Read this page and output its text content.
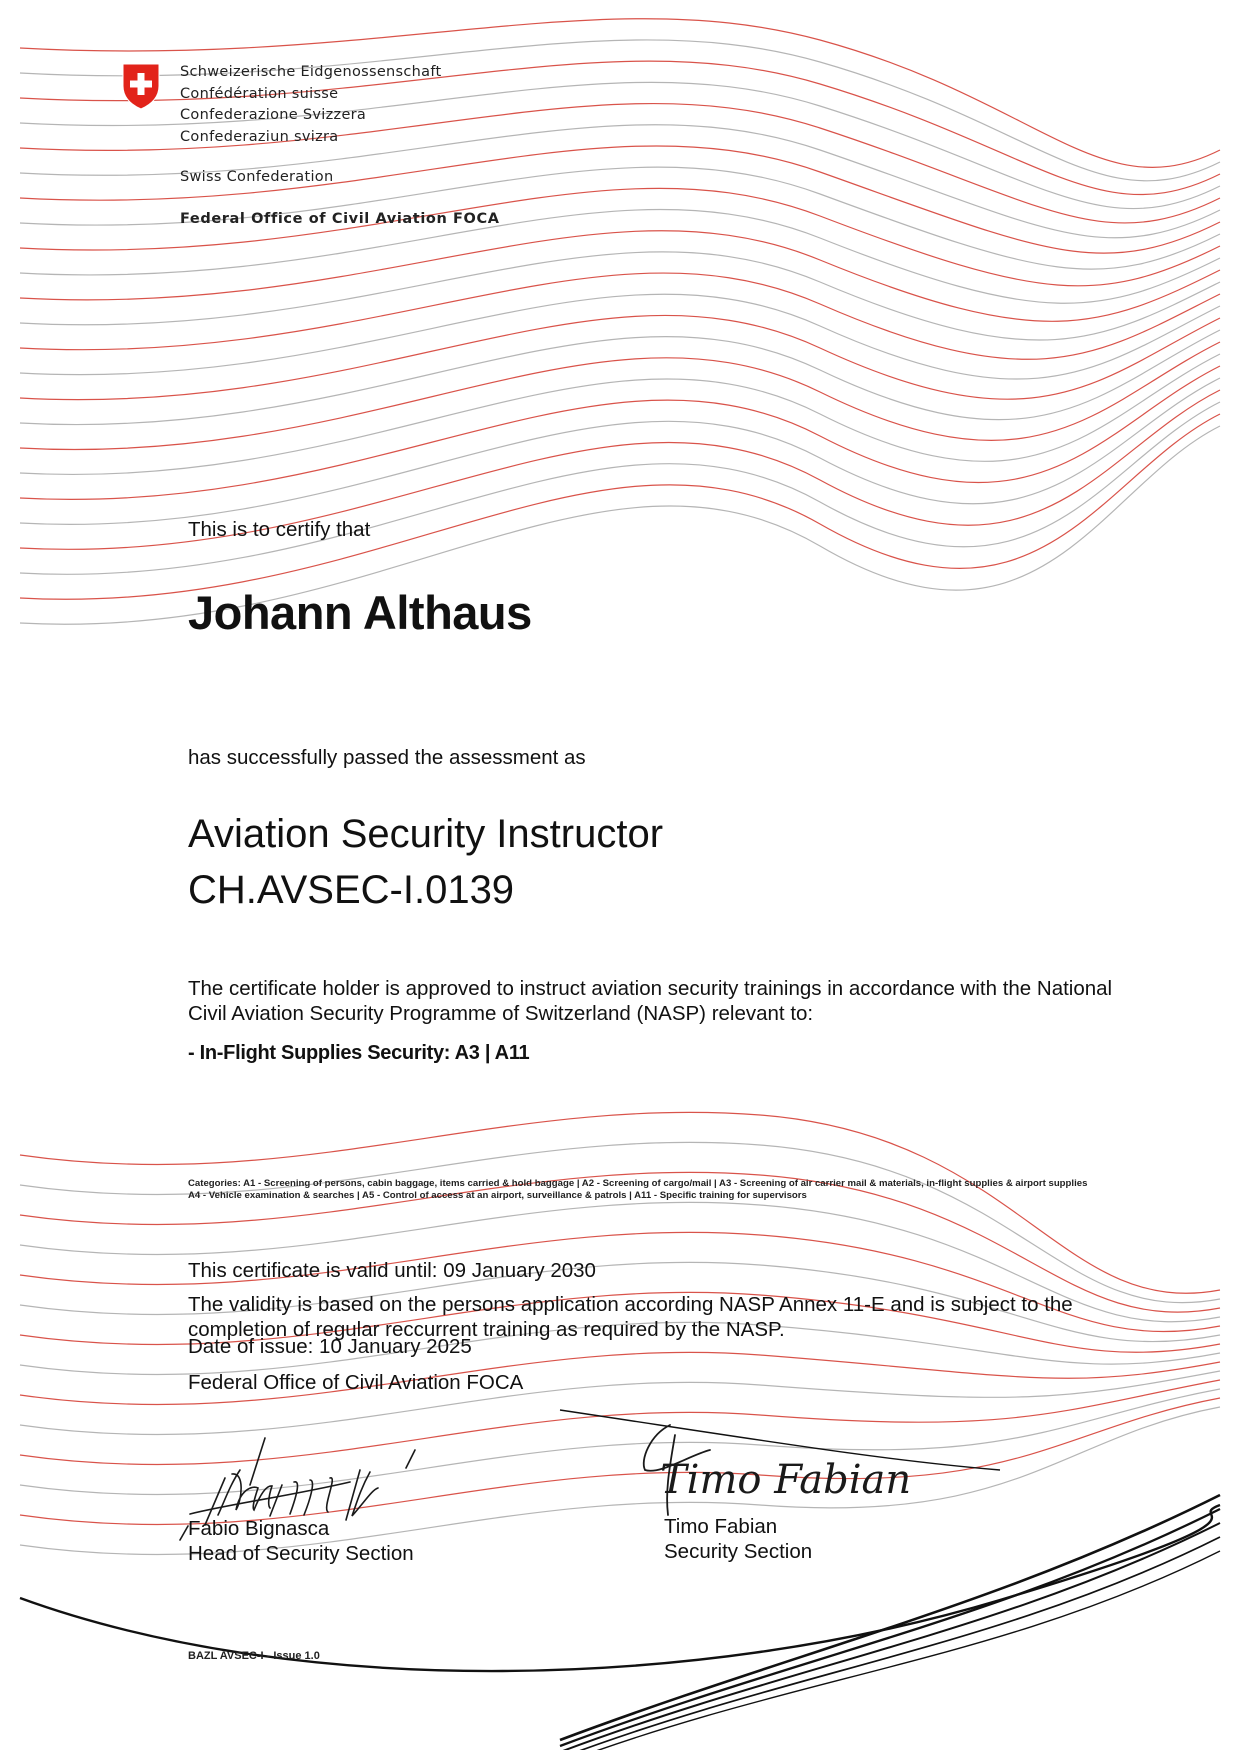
Schweizerische Eidgenossenschaft
Confédération suisse
Confederazione Svizzera
Confederaziun svizra
Swiss Confederation
Federal Office of Civil Aviation FOCA
This is to certify that
Johann Althaus
has successfully passed the assessment as
Aviation Security Instructor
CH.AVSEC-I.0139
The certificate holder is approved to instruct aviation security trainings in accordance with the National Civil Aviation Security Programme of Switzerland (NASP) relevant to:
- In-Flight Supplies Security: A3 | A11
Categories: A1 - Screening of persons, cabin baggage, items carried & hold baggage | A2 - Screening of cargo/mail | A3 - Screening of air carrier mail & materials, in-flight supplies & airport supplies
A4 - Vehicle examination & searches | A5 - Control of access at an airport, surveillance & patrols | A11 - Specific training for supervisors
This certificate is valid until: 09 January 2030
The validity is based on the persons application according NASP Annex 11-E and is subject to the completion of regular reccurrent training as required by the NASP.
Date of issue: 10 January 2025
Federal Office of Civil Aviation FOCA
Timo Fabian
Fabio Bignasca
Head of Security Section
Timo Fabian
Security Section
BAZL AVSEC-I - Issue 1.0
